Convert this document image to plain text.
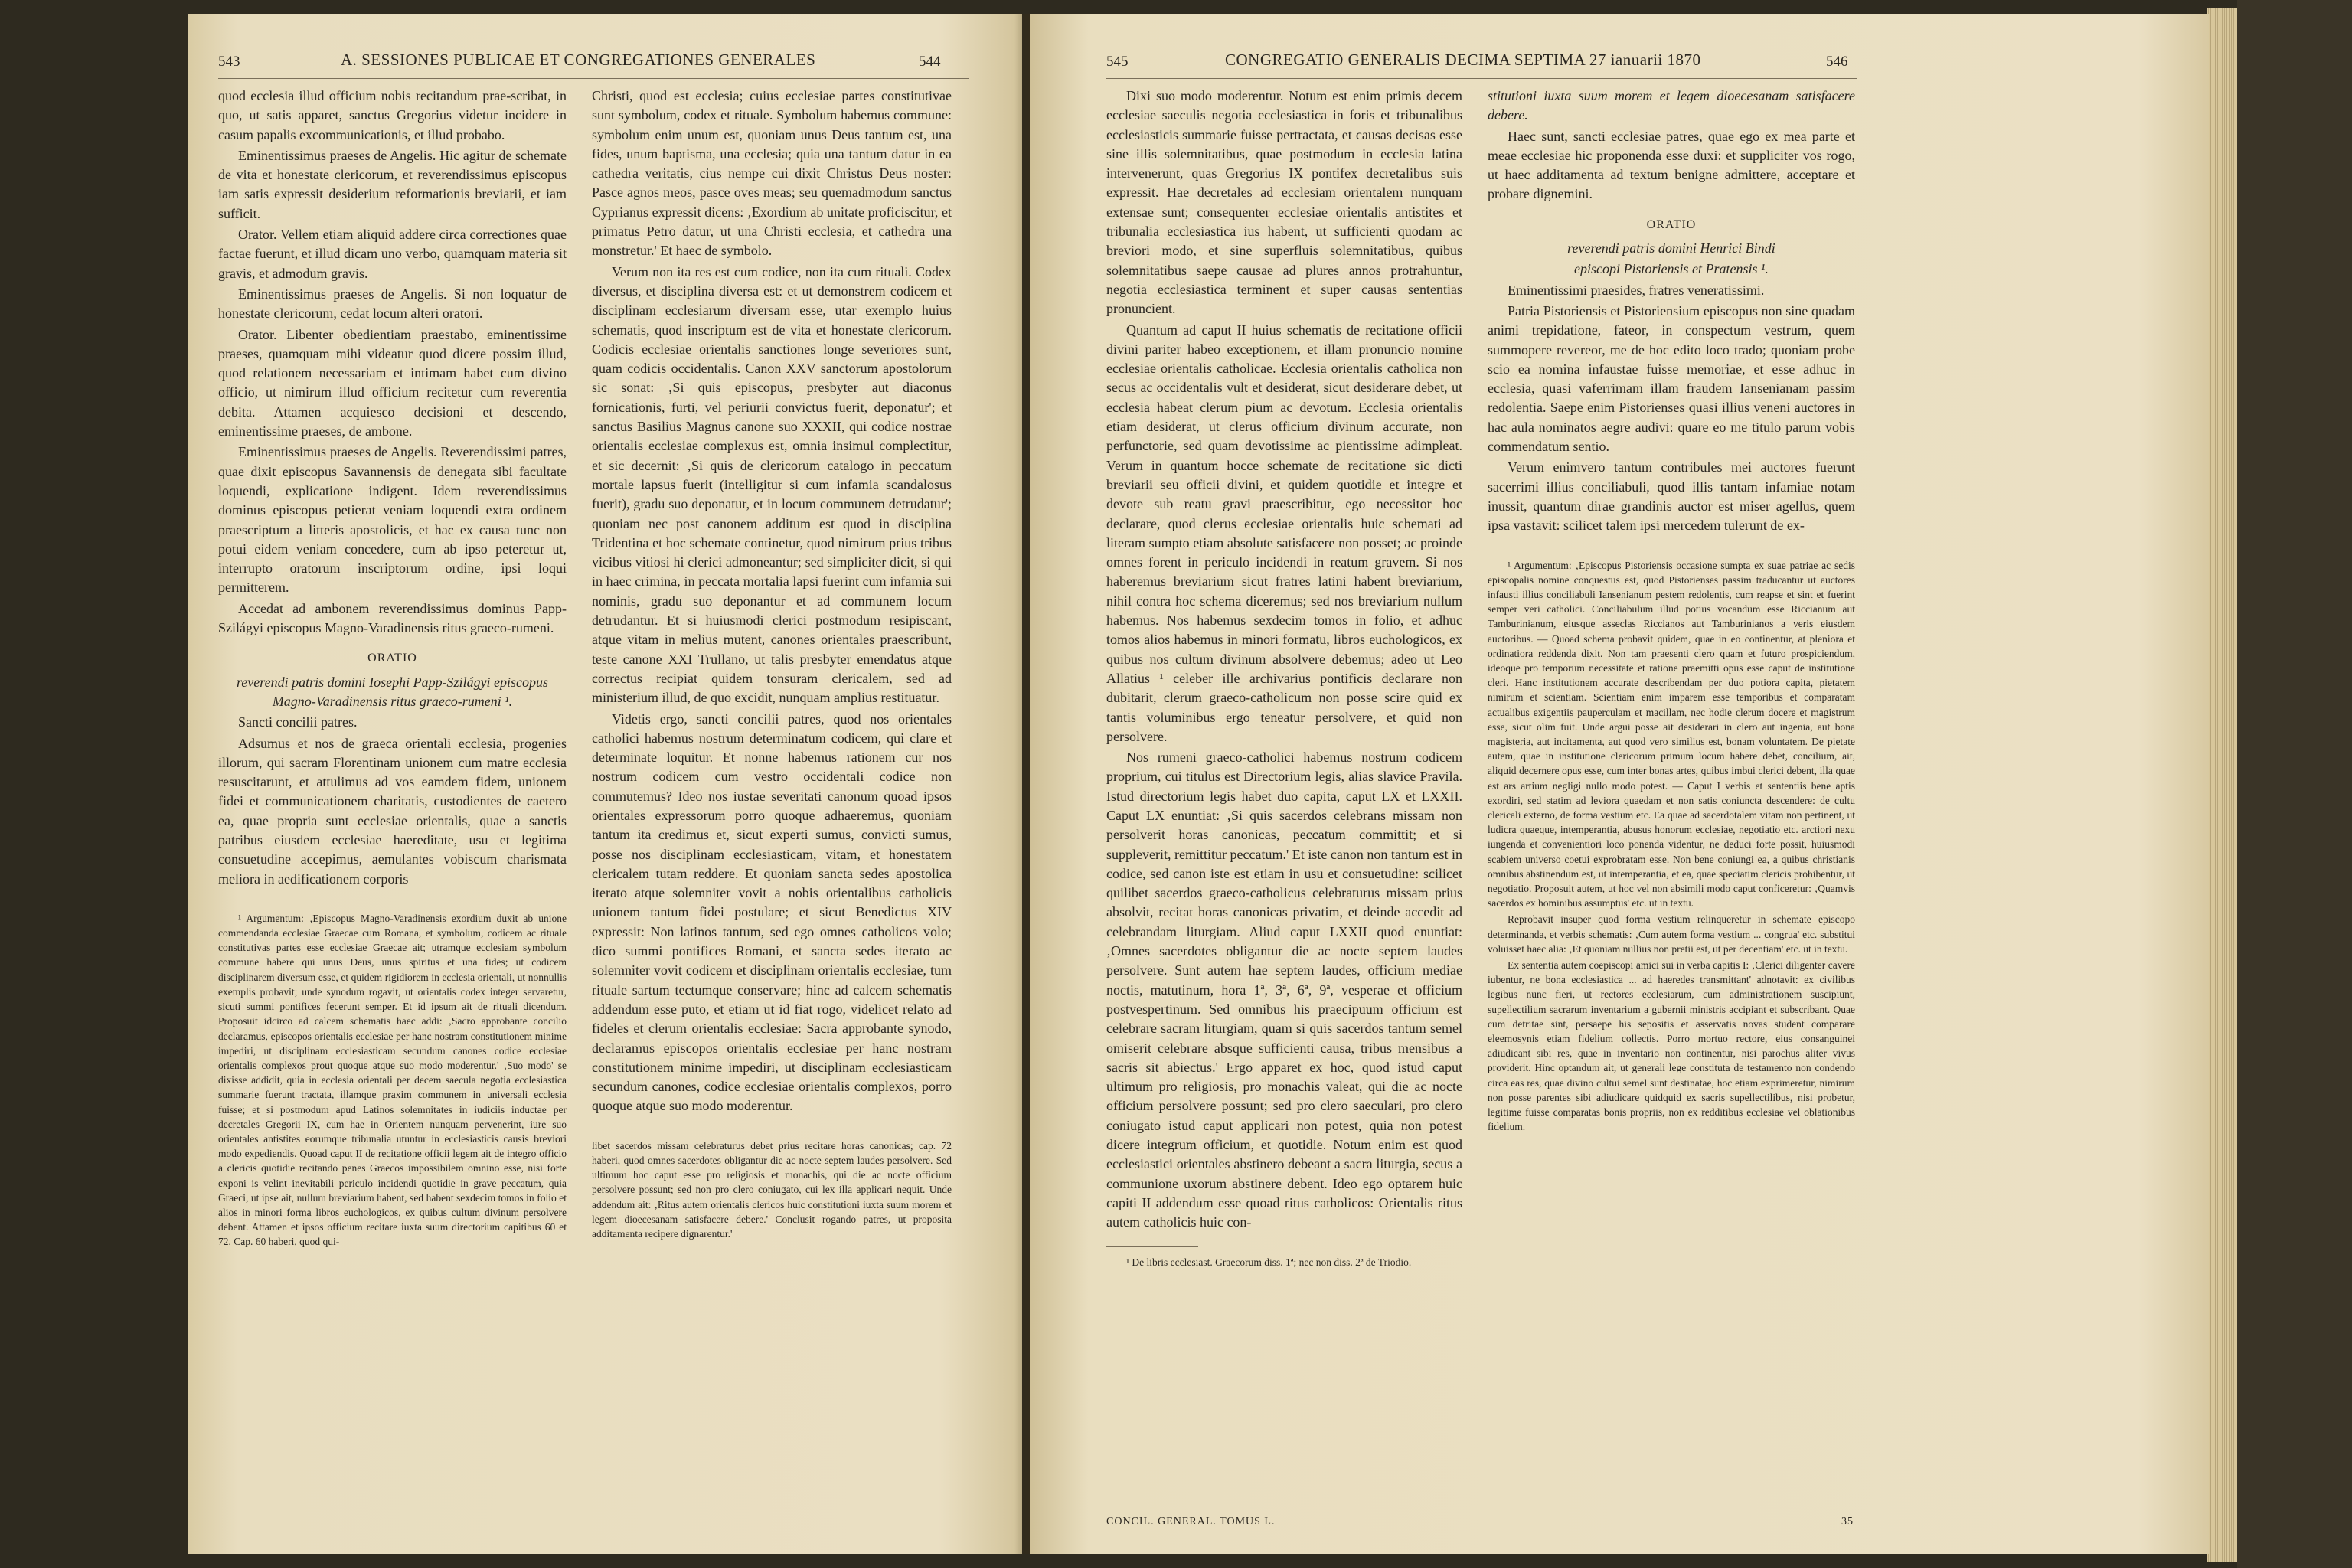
543	A. SESSIONES PUBLICAE ET CONGREGATIONES GENERALES	544

quod ecclesia illud officium nobis recitandum prae-scribat, in quo, ut satis apparet, sanctus Gregorius videtur incidere in casum papalis excommunicationis, et illud probabo.

Eminentissimus praeses de Angelis. Hic agitur de schemate de vita et honestate clericorum, et reverendissimus episcopus iam satis expressit desiderium reformationis breviarii, et iam sufficit.

Orator. Vellem etiam aliquid addere circa correctiones quae factae fuerunt, et illud dicam uno verbo, quamquam materia sit gravis, et admodum gravis.

Eminentissimus praeses de Angelis. Si non loquatur de honestate clericorum, cedat locum alteri oratori.

Orator. Libenter obedientiam praestabo, eminentissime praeses, quamquam mihi videatur quod dicere possim illud, quod relationem necessariam et intimam habet cum divino officio, ut nimirum illud officium recitetur cum reverentia debita. Attamen acquiesco decisioni et descendo, eminentissime praeses, de ambone.

Eminentissimus praeses de Angelis. Reverendissimi patres, quae dixit episcopus Savannensis de denegata sibi facultate loquendi, explicatione indigent. Idem reverendissimus dominus episcopus petierat veniam loquendi extra ordinem praescriptum a litteris apostolicis, et hac ex causa tunc non potui eidem veniam concedere, cum ab ipso peteretur ut, interrupto oratorum inscriptorum ordine, ipsi loqui permitterem.

Accedat ad ambonem reverendissimus dominus Papp-Szilágyi episcopus Magno-Varadinensis ritus graeco-rumeni.

ORATIO

reverendi patris domini Iosephi Papp-Szilágyi episcopus Magno-Varadinensis ritus graeco-rumeni ¹.

Sancti concilii patres.

Adsumus et nos de graeca orientali ecclesia, progenies illorum, qui sacram Florentinam unionem cum matre ecclesia resuscitarunt, et attulimus ad vos eamdem fidem, unionem fidei et communicationem charitatis, custodientes de caetero ea, quae propria sunt ecclesiae orientalis, quae a sanctis patribus eiusdem ecclesiae haereditate, usu et legitima consuetudine accepimus, aemulantes vobiscum charismata meliora in aedificationem corporis

¹ Argumentum: ‚Episcopus Magno-Varadinensis exordium duxit ab unione commendanda ecclesiae Graecae cum Romana, et symbolum, codicem ac rituale constitutivas partes esse ecclesiae Graecae ait; utramque ecclesiam symbolum commune habere qui unus Deus, unus spiritus et una fides; ut codicem disciplinarem diversum esse, et quidem rigidiorem in ecclesia orientali, ut nonnullis exemplis probavit; unde synodum rogavit, ut orientalis codex integer servaretur, sicuti summi pontifices fecerunt semper. Et id ipsum ait de rituali dicendum. Proposuit idcirco ad calcem schematis haec addi: ‚Sacro approbante concilio declaramus, episcopos orientalis ecclesiae per hanc nostram constitutionem minime impediri, ut disciplinam ecclesiasticam secundum canones codice ecclesiae orientalis complexos prout quoque atque suo modo moderentur.' ‚Suo modo' se dixisse addidit, quia in ecclesia orientali per decem saecula negotia ecclesiastica summarie fuerunt tractata, illamque praxim communem in universali ecclesia fuisse; et si postmodum apud Latinos solemnitates in iudiciis inductae per decretales Gregorii IX, cum hae in Orientem nunquam pervenerint, iure suo orientales antistites eorumque tribunalia utuntur in ecclesiasticis causis breviori modo expediendis. Quoad caput II de recitatione officii legem ait de integro officio a clericis quotidie recitando penes Graecos impossibilem omnino esse, nisi forte exponi is velint inevitabili periculo incidendi quotidie in grave peccatum, quia Graeci, ut ipse ait, nullum breviarium habent, sed habent sexdecim tomos in folio et alios in minori forma libros euchologicos, ex quibus cultum divinum persolvere debent. Attamen et ipsos officium recitare iuxta suum directorium capitibus 60 et 72. Cap. 60 haberi, quod qui-

Christi, quod est ecclesia; cuius ecclesiae partes constitutivae sunt symbolum, codex et rituale. Symbolum habemus commune: symbolum enim unum est, quoniam unus Deus tantum est, una fides, unum baptisma, una ecclesia; quia una tantum datur in ea cathedra veritatis, cius nempe cui dixit Christus Deus noster: Pasce agnos meos, pasce oves meas; seu quemadmodum sanctus Cyprianus expressit dicens: ‚Exordium ab unitate proficiscitur, et primatus Petro datur, ut una Christi ecclesia, et cathedra una monstretur.' Et haec de symbolo.

Verum non ita res est cum codice, non ita cum rituali. Codex diversus, et disciplina diversa est: et ut demonstrem codicem et disciplinam ecclesiarum diversam esse, utar exemplo huius schematis, quod inscriptum est de vita et honestate clericorum. Codicis ecclesiae orientalis sanctiones longe severiores sunt, quam codicis occidentalis. Canon XXV sanctorum apostolorum sic sonat: ‚Si quis episcopus, presbyter aut diaconus fornicationis, furti, vel periurii convictus fuerit, deponatur'; et sanctus Basilius Magnus canone suo XXXII, qui codice nostrae orientalis ecclesiae complexus est, omnia insimul complectitur, et sic decernit: ‚Si quis de clericorum catalogo in peccatum mortale lapsus fuerit (intelligitur si cum infamia scandalosus fuerit), gradu suo deponatur, et in locum communem detrudatur'; quoniam nec post canonem additum est quod in disciplina Tridentina et hoc schemate continetur, quod nimirum prius tribus vicibus vitiosi hi clerici admoneantur; sed simpliciter dicit, si qui in haec crimina, in peccata mortalia lapsi fuerint cum infamia sui nominis, gradu suo deponantur et ad communem locum detrudantur. Et si huiusmodi clerici postmodum resipiscant, atque vitam in melius mutent, canones orientales praescribunt, teste canone XXI Trullano, ut talis presbyter emendatus atque correctus recipiat quidem tonsuram clericalem, sed ad ministerium illud, de quo excidit, nunquam amplius restituatur.

Videtis ergo, sancti concilii patres, quod nos orientales catholici habemus nostrum determinatum codicem, qui clare et determinate loquitur. Et nonne habemus rationem cur nos nostrum codicem cum vestro occidentali codice non commutemus? Ideo nos iustae severitati canonum quoad ipsos orientales expressorum porro quoque adhaeremus, quoniam tantum ita credimus et, sicut experti sumus, convicti sumus, posse nos disciplinam ecclesiasticam, vitam, et honestatem clericalem tutam reddere. Et quoniam sancta sedes apostolica iterato atque solemniter vovit a nobis orientalibus catholicis unionem tantum fidei postulare; et sicut Benedictus XIV expressit: Non latinos tantum, sed ego omnes catholicos volo; dico summi pontifices Romani, et sancta sedes iterato ac solemniter vovit codicem et disciplinam orientalis ecclesiae, tum rituale sartum tectumque conservare; hinc ad calcem schematis addendum esse puto, et etiam ut id fiat rogo, videlicet relato ad fideles et clerum orientalis ecclesiae: Sacra approbante synodo, declaramus episcopos orientalis ecclesiae per hanc nostram constitutionem minime impediri, ut disciplinam ecclesiasticam secundum canones, codice ecclesiae orientalis complexos, porro quoque atque suo modo moderentur.

libet sacerdos missam celebraturus debet prius recitare horas canonicas; cap. 72 haberi, quod omnes sacerdotes obligantur die ac nocte septem laudes persolvere. Sed ultimum hoc caput esse pro religiosis et monachis, qui die ac nocte officium persolvere possunt; sed non pro clero coniugato, cui lex illa applicari nequit. Unde addendum ait: ‚Ritus autem orientalis clericos huic constitutioni iuxta suum morem et legem dioecesanam satisfacere debere.' Conclusit rogando patres, ut proposita additamenta recipere dignarentur.'

545	CONGREGATIO GENERALIS DECIMA SEPTIMA 27 ianuarii 1870	546

Dixi suo modo moderentur. Notum est enim primis decem ecclesiae saeculis negotia ecclesiastica in foris et tribunalibus ecclesiasticis summarie fuisse pertractata, et causas decisas esse sine illis solemnitatibus, quae postmodum in ecclesia latina intervenerunt, quas Gregorius IX pontifex decretalibus suis expressit. Hae decretales ad ecclesiam orientalem nunquam extensae sunt; consequenter ecclesiae orientalis antistites et tribunalia ecclesiastica ius habent, ut sufficienti quodam ac breviori modo, et sine superfluis solemnitatibus, quibus solemnitatibus saepe causae ad plures annos protrahuntur, negotia ecclesiastica terminent et super causas sententias pronuncient.

Quantum ad caput II huius schematis de recitatione officii divini pariter habeo exceptionem, et illam pronuncio nomine ecclesiae orientalis catholicae. Ecclesia orientalis catholica non secus ac occidentalis vult et desiderat, sicut desiderare debet, ut ecclesia habeat clerum pium ac devotum. Ecclesia orientalis etiam desiderat, ut clerus officium divinum accurate, non perfunctorie, sed quam devotissime ac pientissime adimpleat. Verum in quantum hocce schemate de recitatione sic dicti breviarii seu officii divini, et quidem quotidie et integre et devote sub reatu gravi praescribitur, ego necessitor hoc declarare, quod clerus ecclesiae orientalis huic schemati ad literam sumpto etiam absolute satisfacere non posset; ac proinde omnes forent in periculo incidendi in reatum gravem. Si nos haberemus breviarium sicut fratres latini habent breviarium, nihil contra hoc schema diceremus; sed nos breviarium nullum habemus. Nos habemus sexdecim tomos in folio, et adhuc tomos alios habemus in minori formatu, libros euchologicos, ex quibus nos cultum divinum absolvere debemus; adeo ut Leo Allatius ¹ celeber ille archivarius pontificis declarare non dubitarit, clerum graeco-catholicum non posse scire quid ex tantis voluminibus ergo teneatur persolvere, et quid non persolvere.

Nos rumeni graeco-catholici habemus nostrum codicem proprium, cui titulus est Directorium legis, alias slavice Pravila. Istud directorium legis habet duo capita, caput LX et LXXII. Caput LX enuntiat: ‚Si quis sacerdos celebrans missam non persolverit horas canonicas, peccatum committit; et si suppleverit, remittitur peccatum.' Et iste canon non tantum est in codice, sed canon iste est etiam in usu et consuetudine: scilicet quilibet sacerdos graeco-catholicus celebraturus missam prius absolvit, recitat horas canonicas privatim, et deinde accedit ad celebrandam liturgiam. Aliud caput LXXII quod enuntiat: ‚Omnes sacerdotes obligantur die ac nocte septem laudes persolvere. Sunt autem hae septem laudes, officium mediae noctis, matutinum, hora 1ª, 3ª, 6ª, 9ª, vesperae et officium postvespertinum. Sed omnibus his praecipuum officium est celebrare sacram liturgiam, quam si quis sacerdos tantum semel omiserit celebrare absque sufficienti causa, tribus mensibus a sacris sit abiectus.' Ergo apparet ex hoc, quod istud caput ultimum pro religiosis, pro monachis valeat, qui die ac nocte officium persolvere possunt; sed pro clero saeculari, pro clero coniugato istud caput applicari non potest, quia non potest dicere integrum officium, et quotidie. Notum enim est quod ecclesiastici orientales abstinero debeant a sacra liturgia, secus a communione uxorum abstinere debent. Ideo ego optarem huic capiti II addendum esse quoad ritus catholicos: Orientalis ritus autem catholicis huic con-

¹ De libris ecclesiast. Graecorum diss. 1ª; nec non diss. 2ª de Triodio.

stitutioni iuxta suum morem et legem dioecesanam satisfacere debere.

Haec sunt, sancti ecclesiae patres, quae ego ex mea parte et meae ecclesiae hic proponenda esse duxi: et suppliciter vos rogo, ut haec additamenta ad textum benigne admittere, acceptare et probare dignemini.

ORATIO

reverendi patris domini Henrici Bindi

episcopi Pistoriensis et Pratensis ¹.

Eminentissimi praesides, fratres veneratissimi.

Patria Pistoriensis et Pistoriensium episcopus non sine quadam animi trepidatione, fateor, in conspectum vestrum, quem summopere revereor, me de hoc edito loco trado; quoniam probe scio ea nomina infaustae fuisse memoriae, et esse adhuc in ecclesia, quasi vaferrimam illam fraudem Iansenianam passim redolentia. Saepe enim Pistorienses quasi illius veneni auctores in hac aula nominatos aegre audivi: quare eo me titulo parum vobis commendatum sentio.

Verum enimvero tantum contribules mei auctores fuerunt sacerrimi illius conciliabuli, quod illis tantam infamiae notam inussit, quantum dirae grandinis auctor est miser agellus, quem ipsa vastavit: scilicet talem ipsi mercedem tulerunt de ex-

¹ Argumentum: ‚Episcopus Pistoriensis occasione sumpta ex suae patriae ac sedis episcopalis nomine conquestus est, quod Pistorienses passim traducantur ut auctores infausti illius conciliabuli Iansenianum pestem redolentis, cum reapse et sint et fuerint semper veri catholici. Conciliabulum illud potius vocandum esse Riccianum aut Tamburinianum, eiusque asseclas Riccianos aut Tamburinianos a veris eiusdem auctoribus. — Quoad schema probavit quidem, quae in eo continentur, at pleniora et ordinatiora reddenda dixit. Non tam praesenti clero quam et futuro prospiciendum, ideoque pro temporum necessitate et ratione praemitti opus esse caput de institutione cleri. Hanc institutionem accurate describendam per duo potiora capita, pietatem nimirum et scientiam. Scientiam enim imparem esse temporibus et comparatam actualibus exigentiis pauperculam et macillam, nec hodie clerum docere et magistrum esse, sicut olim fuit. Unde argui posse ait desiderari in clero aut ingenia, aut bona magisteria, aut incitamenta, aut quod vero similius est, bonam voluntatem. De pietate autem, quae in institutione clericorum primum locum habere debet, concilium, ait, aliquid decernere opus esse, cum inter bonas artes, quibus imbui clerici debent, illa quae est ars artium negligi nullo modo potest. — Caput I verbis et sententiis bene aptis exordiri, sed statim ad leviora quaedam et non satis coniuncta descendere: de cultu clericali externo, de forma vestium etc. Ea quae ad sacerdotalem vitam non pertinent, ut ludicra quaeque, intemperantia, abusus honorum ecclesiae, negotiatio etc. arctiori nexu iungenda et convenientiori loco ponenda videntur, ne deduci forte possit, huiusmodi scabiem universo coetui exprobratam esse. Non bene coniungi ea, a quibus christianis omnibus abstinendum est, ut intemperantia, et ea, quae speciatim clericis prohibentur, ut negotiatio. Proposuit autem, ut hoc vel non absimili modo caput conficeretur: ‚Quamvis sacerdos ex hominibus assumptus' etc. ut in textu.

Reprobavit insuper quod forma vestium relinqueretur in schemate episcopo determinanda, et verbis schematis: ‚Cum autem forma vestium ... congrua' etc. substitui voluisset haec alia: ‚Et quoniam nullius non pretii est, ut per decentiam' etc. ut in textu.

Ex sententia autem coepiscopi amici sui in verba capitis I: ‚Clerici diligenter cavere iubentur, ne bona ecclesiastica ... ad haeredes transmittant' adnotavit: ex civilibus legibus nunc fieri, ut rectores ecclesiarum, cum administrationem suscipiunt, supellectilium sacrarum inventarium a gubernii ministris accipiant et subscribant. Quae cum detritae sint, persaepe his sepositis et asservatis novas student comparare eleemosynis etiam fidelium collectis. Porro mortuo rectore, eius consanguinei adiudicant sibi res, quae in inventario non continentur, nisi parochus aliter vivus providerit. Hinc optandum ait, ut generali lege constituta de testamento non condendo circa eas res, quae divino cultui semel sunt destinatae, hoc etiam exprimeretur, nimirum non posse parentes sibi adiudicare quidquid ex sacris supellectilibus, nisi probetur, legitime fuisse comparatas bonis propriis, non ex redditibus ecclesiae vel oblationibus fidelium.

CONCIL. GENERAL. TOMUS L.	35
